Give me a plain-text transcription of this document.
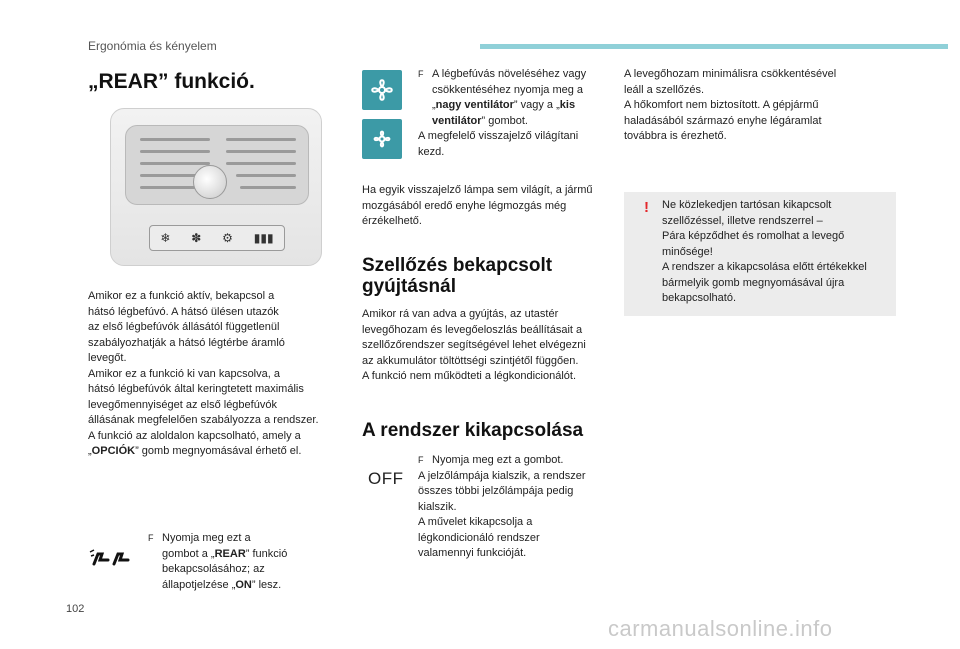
Ergonómia és kényelem
„REAR” funkció.
❄ ✽ ⚙ ▮▮▮
Amikor ez a funkció aktív, bekapcsol a
hátsó légbefúvó. A hátsó ülésen utazók
az első légbefúvók állásától függetlenül
szabályozhatják a hátsó légtérbe áramló
levegőt.
Amikor ez a funkció ki van kapcsolva, a
hátsó légbefúvók által keringtetett maximális
levegőmennyiséget az első légbefúvók
állásának megfelelően szabályozza a rendszer.
A funkció az aloldalon kapcsolható, amely a
„OPCIÓK” gomb megnyomásával érhető el.
F Nyomja meg ezt a
gombot a „REAR” funkció
bekapcsolásához; az
állapotjelzése „ON” lesz.
F A légbefúvás növeléséhez vagy
csökkentéséhez nyomja meg a
„nagy ventilátor” vagy a „kis
ventilátor” gombot.
A megfelelő visszajelző világítani
kezd.
Ha egyik visszajelző lámpa sem világít, a jármű
mozgásából eredő enyhe légmozgás még
érzékelhető.
Szellőzés bekapcsolt
gyújtásnál
Amikor rá van adva a gyújtás, az utastér
levegőhozam és levegőeloszlás beállításait a
szellőzőrendszer segítségével lehet elvégezni
az akkumulátor töltöttségi szintjétől függően.
A funkció nem működteti a légkondicionálót.
A rendszer kikapcsolása
OFF
F Nyomja meg ezt a gombot.
A jelzőlámpája kialszik, a rendszer
összes többi jelzőlámpája pedig
kialszik.
A művelet kikapcsolja a
légkondicionáló rendszer
valamennyi funkcióját.
A levegőhozam minimálisra csökkentésével
leáll a szellőzés.
A hőkomfort nem biztosított. A gépjármű
haladásából származó enyhe légáramlat
továbbra is érezhető.
! Ne közlekedjen tartósan kikapcsolt
szellőzéssel, illetve rendszerrel –
Pára képződhet és romolhat a levegő
minősége!
A rendszer a kikapcsolása előtt értékekkel
bármelyik gomb megnyomásával újra
bekapcsolható.
102
carmanualsonline.info
